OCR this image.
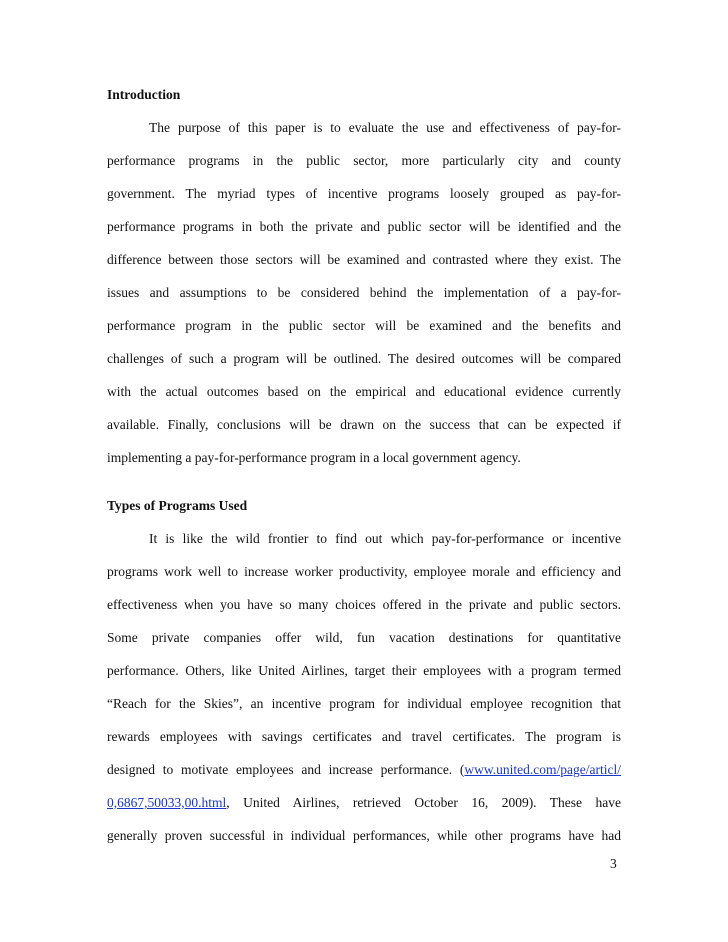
Introduction
The purpose of this paper is to evaluate the use and effectiveness of pay-for-
performance programs in the public sector, more particularly city and county
government. The myriad types of incentive programs loosely grouped as pay-for-
performance programs in both the private and public sector will be identified and the
difference between those sectors will be examined and contrasted where they exist. The
issues and assumptions to be considered behind the implementation of a pay-for-
performance program in the public sector will be examined and the benefits and
challenges of such a program will be outlined. The desired outcomes will be compared
with the actual outcomes based on the empirical and educational evidence currently
available. Finally, conclusions will be drawn on the success that can be expected if
implementing a pay-for-performance program in a local government agency.
Types of Programs Used
It is like the wild frontier to find out which pay-for-performance or incentive
programs work well to increase worker productivity, employee morale and efficiency and
effectiveness when you have so many choices offered in the private and public sectors.
Some private companies offer wild, fun vacation destinations for quantitative
performance. Others, like United Airlines, target their employees with a program termed
“Reach for the Skies”, an incentive program for individual employee recognition that
rewards employees with savings certificates and travel certificates. The program is
designed to motivate employees and increase performance. (www.united.com/page/articl/
0,6867,50033,00.html, United Airlines, retrieved October 16, 2009). These have
generally proven successful in individual performances, while other programs have had
3
